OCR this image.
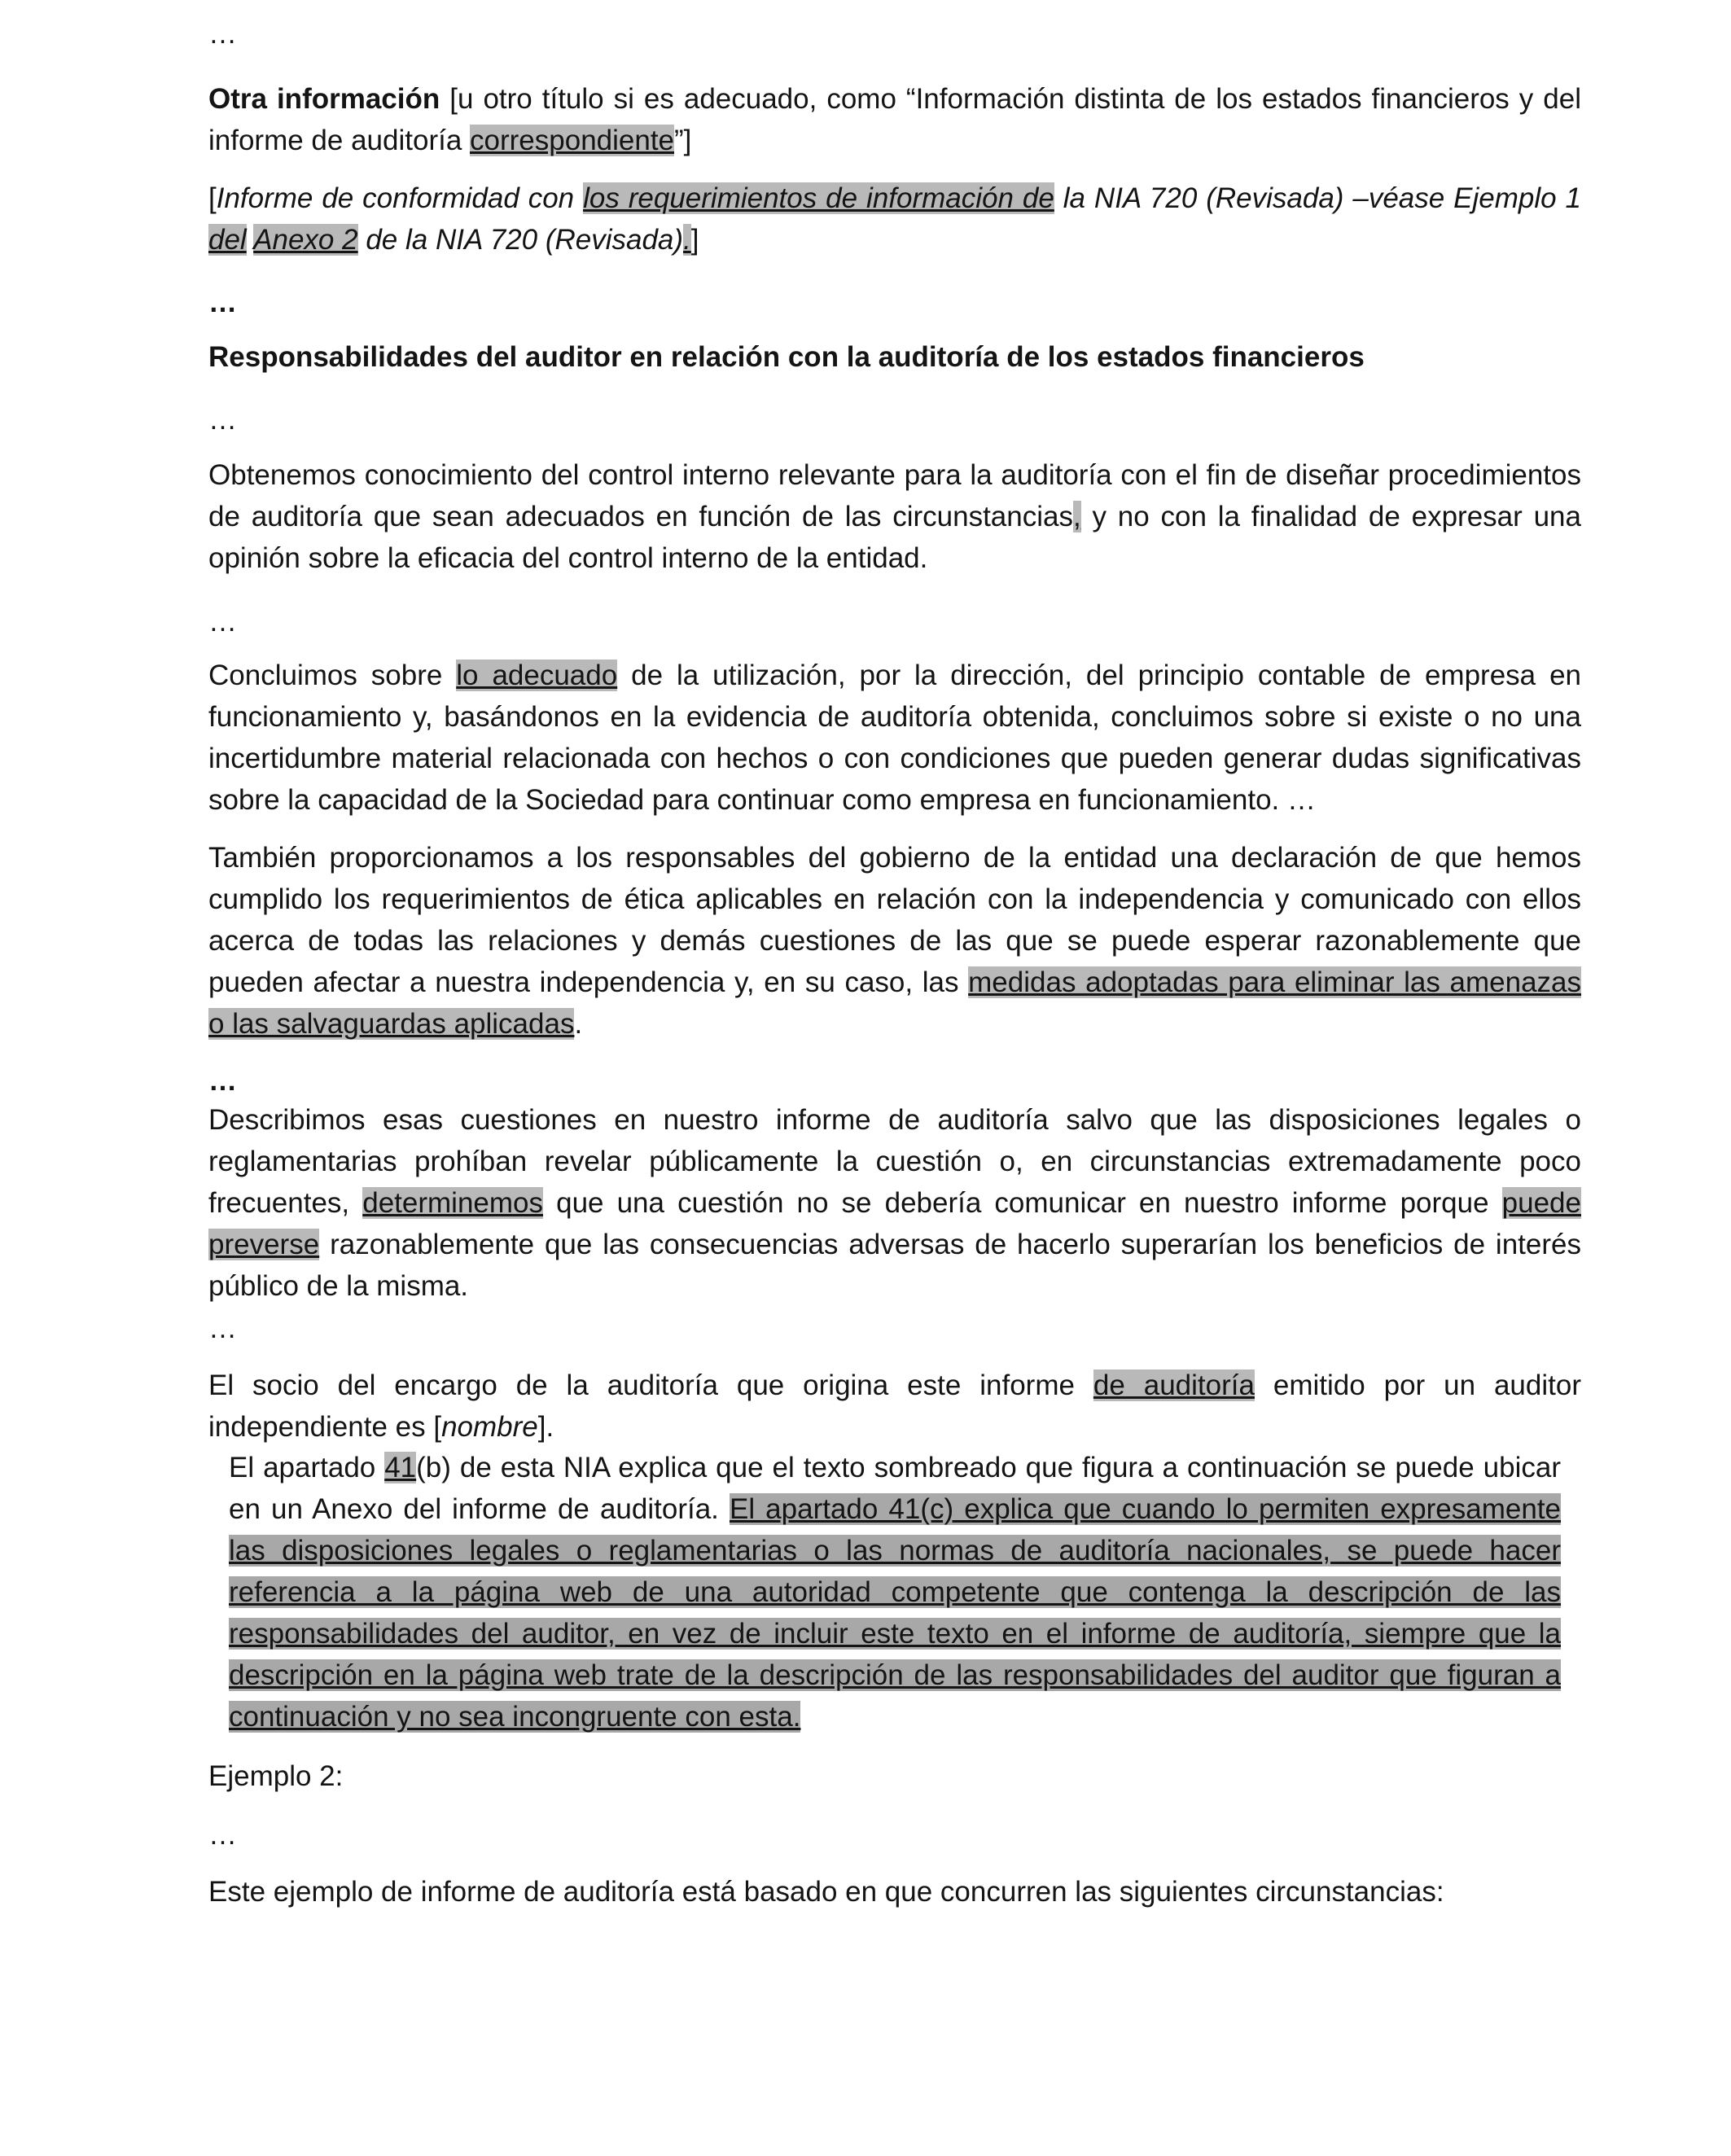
…
Otra información [u otro título si es adecuado, como “Información distinta de los estados financieros y del informe de auditoría correspondiente”]
[Informe de conformidad con los requerimientos de información de la NIA 720 (Revisada) –véase Ejemplo 1 del Anexo 2 de la NIA 720 (Revisada).]
…
Responsabilidades del auditor en relación con la auditoría de los estados financieros
…
Obtenemos conocimiento del control interno relevante para la auditoría con el fin de diseñar procedimientos de auditoría que sean adecuados en función de las circunstancias, y no con la finalidad de expresar una opinión sobre la eficacia del control interno de la entidad.
…
Concluimos sobre lo adecuado de la utilización, por la dirección, del principio contable de empresa en funcionamiento y, basándonos en la evidencia de auditoría obtenida, concluimos sobre si existe o no una incertidumbre material relacionada con hechos o con condiciones que pueden generar dudas significativas sobre la capacidad de la Sociedad para continuar como empresa en funcionamiento. …
También proporcionamos a los responsables del gobierno de la entidad una declaración de que hemos cumplido los requerimientos de ética aplicables en relación con la independencia y comunicado con ellos acerca de todas las relaciones y demás cuestiones de las que se puede esperar razonablemente que pueden afectar a nuestra independencia y, en su caso, las medidas adoptadas para eliminar las amenazas o las salvaguardas aplicadas.
…
Describimos esas cuestiones en nuestro informe de auditoría salvo que las disposiciones legales o reglamentarias prohíban revelar públicamente la cuestión o, en circunstancias extremadamente poco frecuentes, determinemos que una cuestión no se debería comunicar en nuestro informe porque puede preverse razonablemente que las consecuencias adversas de hacerlo superarían los beneficios de interés público de la misma.
…
El socio del encargo de la auditoría que origina este informe de auditoría emitido por un auditor independiente es [nombre].
El apartado 41(b) de esta NIA explica que el texto sombreado que figura a continuación se puede ubicar en un Anexo del informe de auditoría. El apartado 41(c) explica que cuando lo permiten expresamente las disposiciones legales o reglamentarias o las normas de auditoría nacionales, se puede hacer referencia a la página web de una autoridad competente que contenga la descripción de las responsabilidades del auditor, en vez de incluir este texto en el informe de auditoría, siempre que la descripción en la página web trate de la descripción de las responsabilidades del auditor que figuran a continuación y no sea incongruente con esta.
Ejemplo 2:
…
Este ejemplo de informe de auditoría está basado en que concurren las siguientes circunstancias:
